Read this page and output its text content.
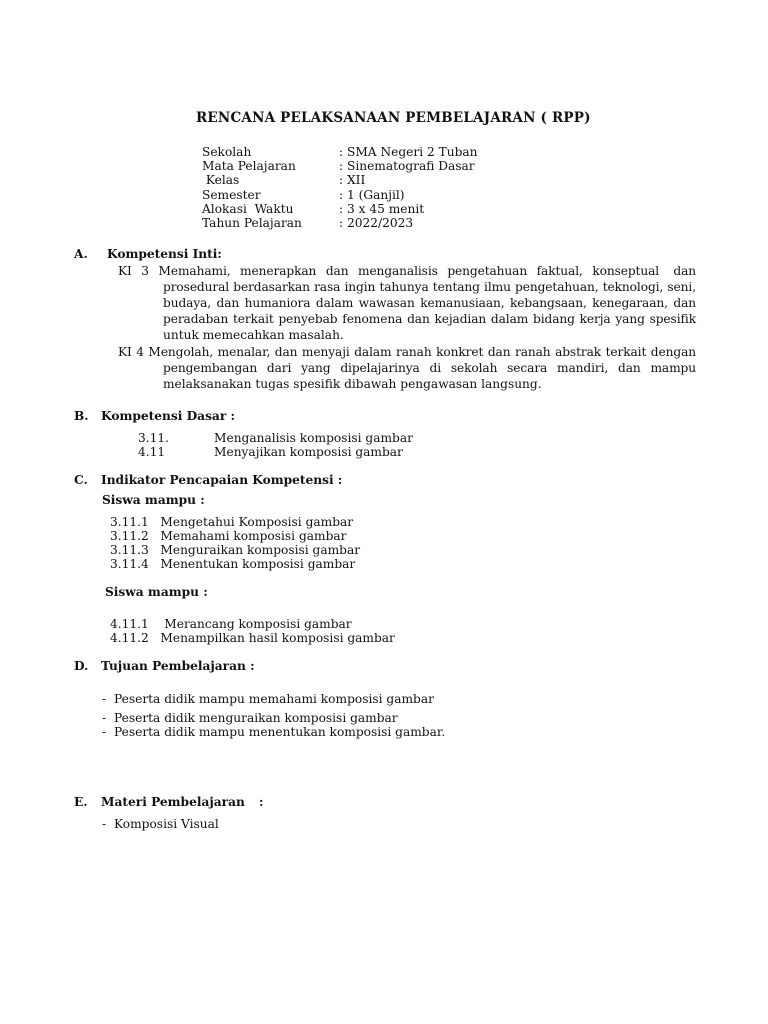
RENCANA PELAKSANAAN PEMBELAJARAN ( RPP)
Sekolah	: SMA Negeri 2 Tuban
Mata Pelajaran	: Sinematografi Dasar
Kelas	: XII
Semester	: 1 (Ganjil)
Alokasi  Waktu	: 3 x 45 menit
Tahun Pelajaran	: 2022/2023
A. Kompetensi Inti:
KI  3  Memahami,  menerapkan  dan  menganalisis  pengetahuan  faktual,  konseptual   dan
prosedural berdasarkan rasa ingin tahunya tentang ilmu pengetahuan, teknologi, seni,
budaya, dan humaniora dalam wawasan kemanusiaan, kebangsaan, kenegaraan, dan
peradaban terkait penyebab fenomena dan kejadian dalam bidang kerja yang spesifik
untuk memecahkan masalah.
KI 4 Mengolah, menalar, dan menyaji dalam ranah konkret dan ranah abstrak terkait dengan
pengembangan  dari  yang  dipelajarinya  di  sekolah  secara  mandiri,  dan  mampu
melaksanakan tugas spesifik dibawah pengawasan langsung.
B. Kompetensi Dasar :
3.11.	Menganalisis komposisi gambar
4.11	Menyajikan komposisi gambar
C. Indikator Pencapaian Kompetensi :
Siswa mampu :
3.11.1   Mengetahui Komposisi gambar
3.11.2   Memahami komposisi gambar
3.11.3   Menguraikan komposisi gambar
3.11.4   Menentukan komposisi gambar
Siswa mampu :
4.11.1    Merancang komposisi gambar
4.11.2   Menampilkan hasil komposisi gambar
D. Tujuan Pembelajaran :
- Peserta didik mampu memahami komposisi gambar
- Peserta didik menguraikan komposisi gambar
- Peserta didik mampu menentukan komposisi gambar.
E. Materi Pembelajaran :
- Komposisi Visual
